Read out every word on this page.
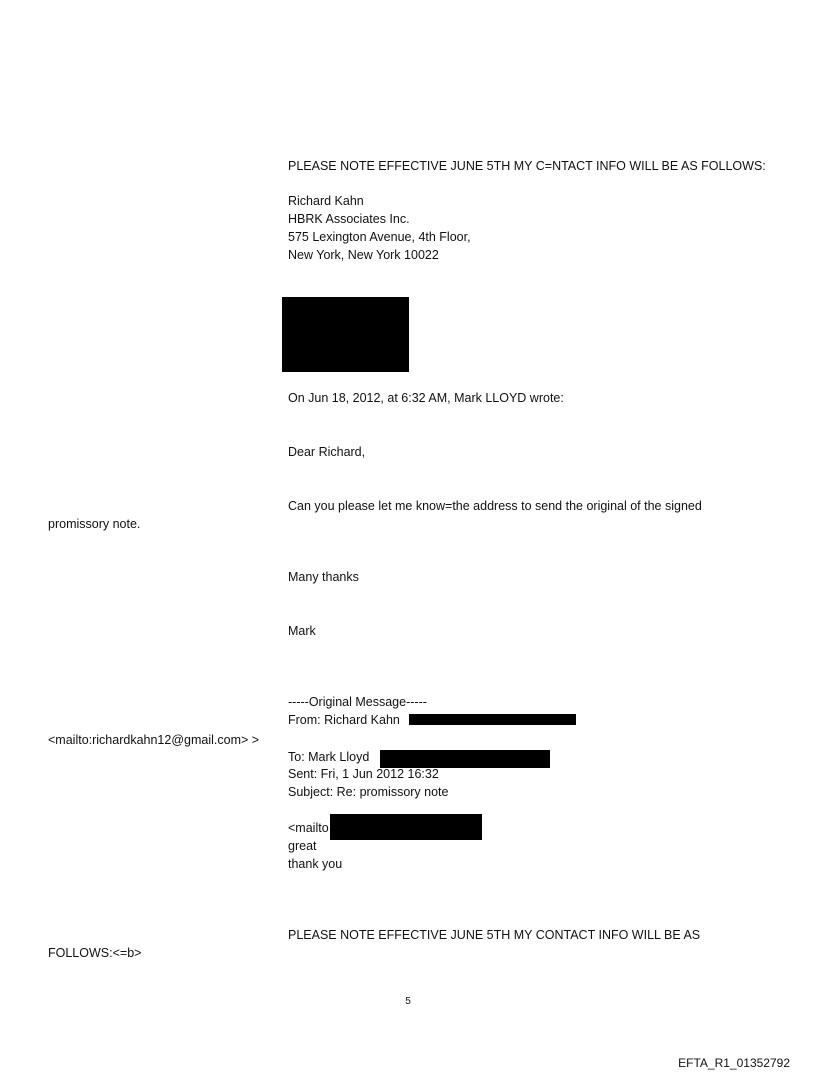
PLEASE NOTE EFFECTIVE JUNE 5TH MY C=NTACT INFO WILL BE AS FOLLOWS:
Richard Kahn
HBRK Associates Inc.
575 Lexington Avenue, 4th Floor,
New York, New York 10022
On Jun 18, 2012, at 6:32 AM, Mark LLOYD wrote:
Dear Richard,
Can you please let me know=the address to send the original of the signed
promissory note.
Many thanks
Mark
-----Original Message-----
From: Richard Kahn
<mailto:richardkahn12@gmail.com> >
To: Mark Lloyd
Sent: Fri, 1 Jun 2012 16:32
Subject: Re: promissory note
<mailto
great
thank you
PLEASE NOTE EFFECTIVE JUNE 5TH MY CONTACT INFO WILL BE AS
FOLLOWS:<=b>
5
EFTA_R1_01352792
